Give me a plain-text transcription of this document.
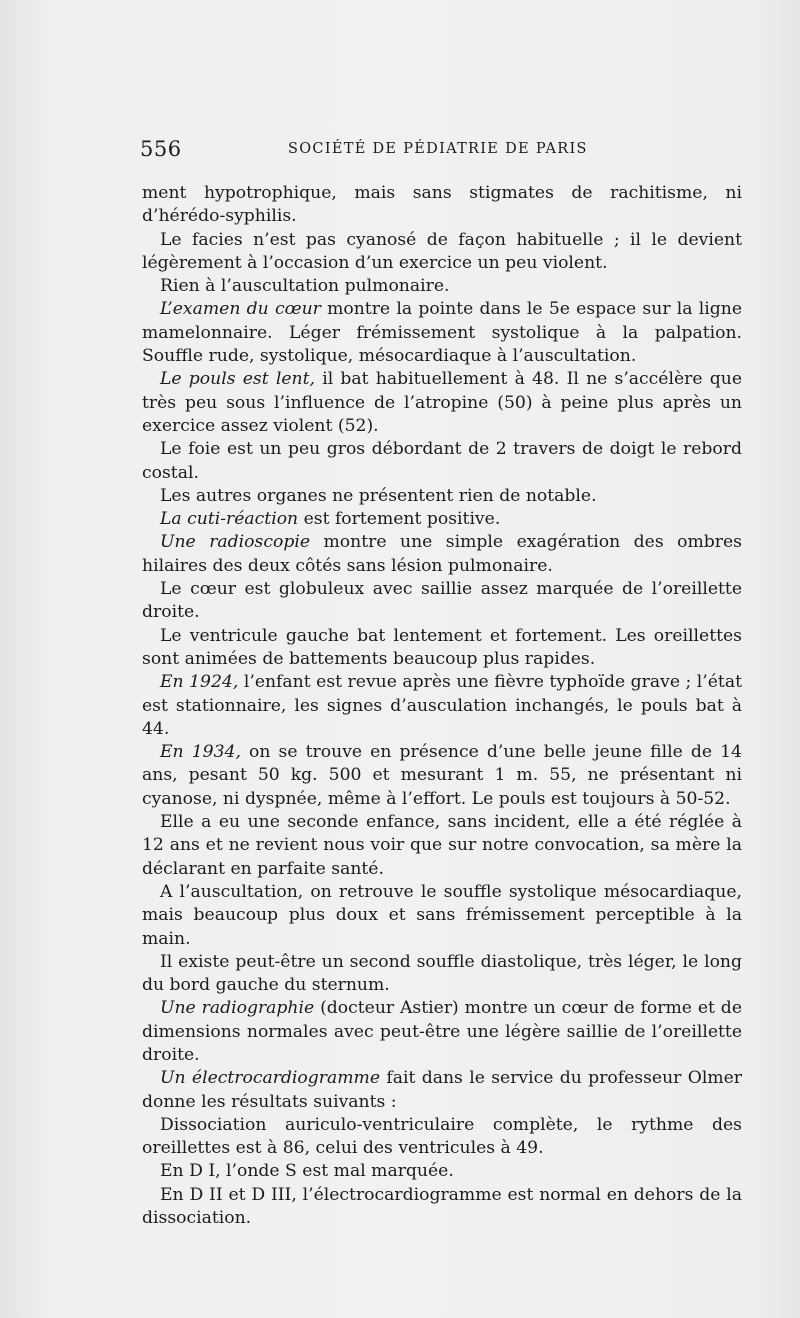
556	SOCIÉTÉ DE PÉDIATRIE DE PARIS

ment hypotrophique, mais sans stigmates de rachitisme, ni d’hérédo-syphilis.

Le facies n’est pas cyanosé de façon habituelle ; il le devient légèrement à l’occasion d’un exercice un peu violent.

Rien à l’auscultation pulmonaire.

L’examen du cœur montre la pointe dans le 5e espace sur la ligne mamelonnaire. Léger frémissement systolique à la palpation. Souffle rude, systolique, mésocardiaque à l’auscultation.

Le pouls est lent, il bat habituellement à 48. Il ne s’accélère que très peu sous l’influence de l’atropine (50) à peine plus après un exercice assez violent (52).

Le foie est un peu gros débordant de 2 travers de doigt le rebord costal.

Les autres organes ne présentent rien de notable.

La cuti-réaction est fortement positive.

Une radioscopie montre une simple exagération des ombres hilaires des deux côtés sans lésion pulmonaire.

Le cœur est globuleux avec saillie assez marquée de l’oreillette droite.

Le ventricule gauche bat lentement et fortement. Les oreillettes sont animées de battements beaucoup plus rapides.

En 1924, l’enfant est revue après une fièvre typhoïde grave ; l’état est stationnaire, les signes d’ausculation inchangés, le pouls bat à 44.

En 1934, on se trouve en présence d’une belle jeune fille de 14 ans, pesant 50 kg. 500 et mesurant 1 m. 55, ne présentant ni cyanose, ni dyspnée, même à l’effort. Le pouls est toujours à 50-52.

Elle a eu une seconde enfance, sans incident, elle a été réglée à 12 ans et ne revient nous voir que sur notre convocation, sa mère la déclarant en parfaite santé.

A l’auscultation, on retrouve le souffle systolique mésocardiaque, mais beaucoup plus doux et sans frémissement perceptible à la main.

Il existe peut-être un second souffle diastolique, très léger, le long du bord gauche du sternum.

Une radiographie (docteur Astier) montre un cœur de forme et de dimensions normales avec peut-être une légère saillie de l’oreillette droite.

Un électrocardiogramme fait dans le service du professeur Olmer donne les résultats suivants :

Dissociation auriculo-ventriculaire complète, le rythme des oreillettes est à 86, celui des ventricules à 49.

En D I, l’onde S est mal marquée.

En D II et D III, l’électrocardiogramme est normal en dehors de la dissociation.
